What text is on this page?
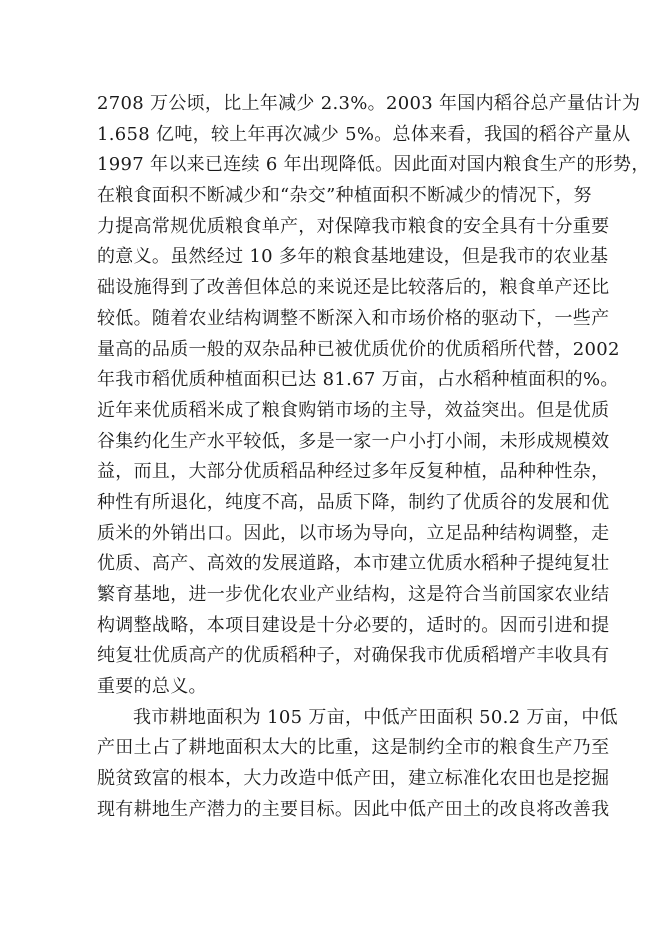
2708 万公顷，比上年减少 2.3%。2003 年国内稻谷总产量估计为
1.658 亿吨，较上年再次减少 5%。总体来看，我国的稻谷产量从
1997 年以来已连续 6 年出现降低。因此面对国内粮食生产的形势，
在粮食面积不断减少和“杂交”种植面积不断减少的情况下，努
力提高常规优质粮食单产，对保障我市粮食的安全具有十分重要
的意义。虽然经过 10 多年的粮食基地建设，但是我市的农业基
础设施得到了改善但体总的来说还是比较落后的，粮食单产还比
较低。随着农业结构调整不断深入和市场价格的驱动下，一些产
量高的品质一般的双杂品种已被优质优价的优质稻所代替，2002
年我市稻优质种植面积已达 81.67 万亩，占水稻种植面积的%。
近年来优质稻米成了粮食购销市场的主导，效益突出。但是优质
谷集约化生产水平较低，多是一家一户小打小闹，未形成规模效
益，而且，大部分优质稻品种经过多年反复种植，品种种性杂，
种性有所退化，纯度不高，品质下降，制约了优质谷的发展和优
质米的外销出口。因此，以市场为导向，立足品种结构调整，走
优质、高产、高效的发展道路，本市建立优质水稻种子提纯复壮
繁育基地，进一步优化农业产业结构，这是符合当前国家农业结
构调整战略，本项目建设是十分必要的，适时的。因而引进和提
纯复壮优质高产的优质稻种子，对确保我市优质稻增产丰收具有
重要的总义。
我市耕地面积为 105 万亩，中低产田面积 50.2 万亩，中低
产田土占了耕地面积太大的比重，这是制约全市的粮食生产乃至
脱贫致富的根本，大力改造中低产田，建立标准化农田也是挖掘
现有耕地生产潜力的主要目标。因此中低产田土的改良将改善我
